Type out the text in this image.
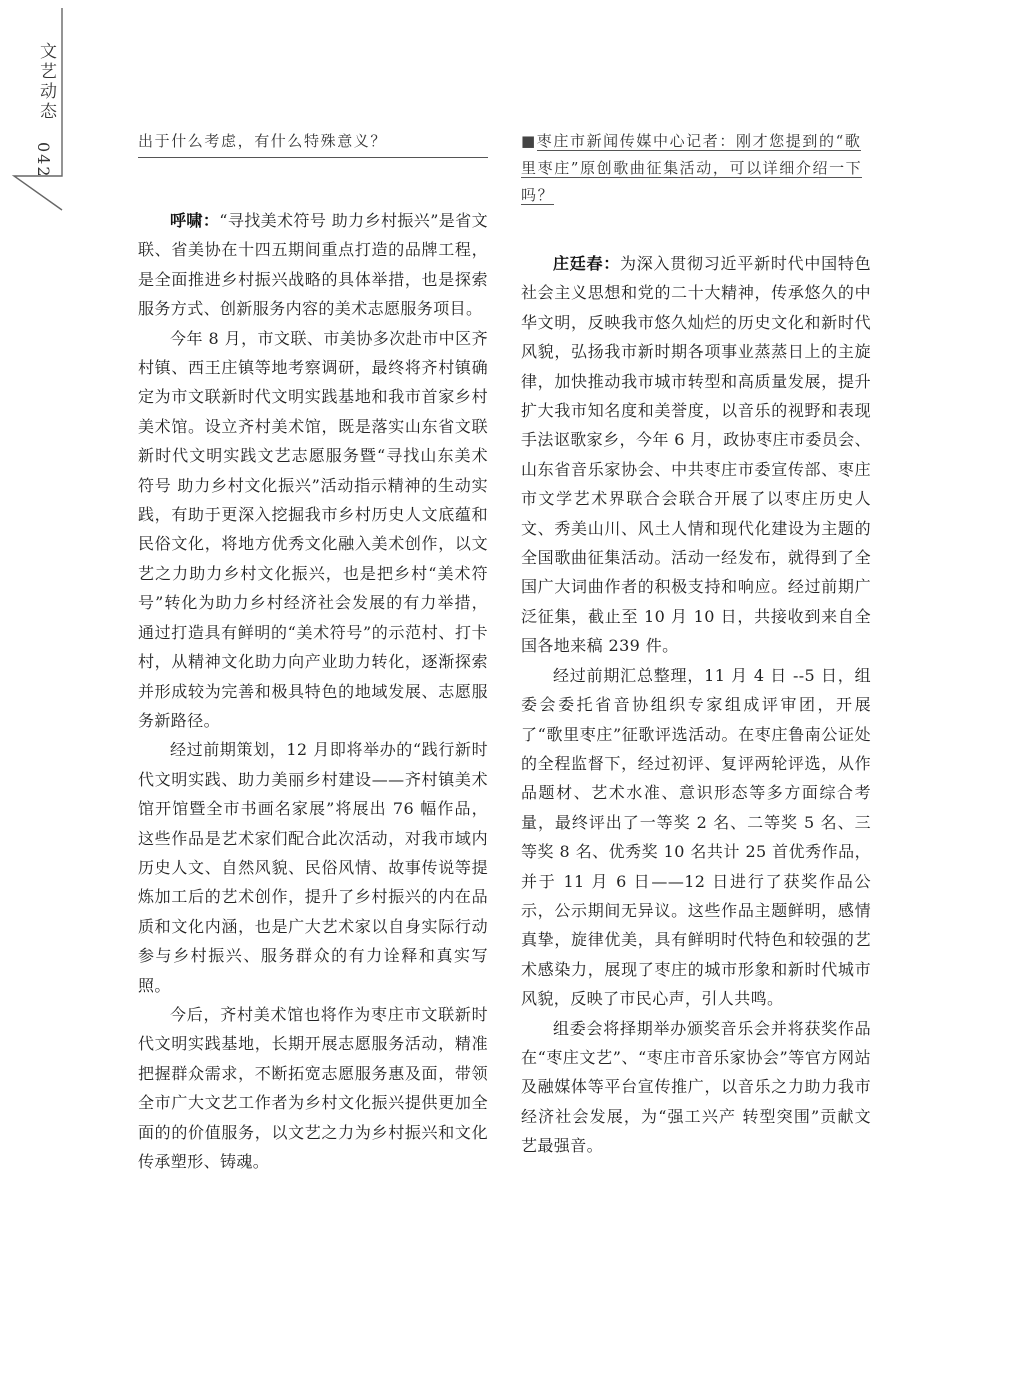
文艺动态
042

出于什么考虑，有什么特殊意义？

呼啸：“寻找美术符号 助力乡村振兴”是省文联、省美协在十四五期间重点打造的品牌工程，是全面推进乡村振兴战略的具体举措，也是探索服务方式、创新服务内容的美术志愿服务项目。

今年 8 月，市文联、市美协多次赴市中区齐村镇、西王庄镇等地考察调研，最终将齐村镇确定为市文联新时代文明实践基地和我市首家乡村美术馆。设立齐村美术馆，既是落实山东省文联新时代文明实践文艺志愿服务暨“寻找山东美术符号 助力乡村文化振兴”活动指示精神的生动实践，有助于更深入挖掘我市乡村历史人文底蕴和民俗文化，将地方优秀文化融入美术创作，以文艺之力助力乡村文化振兴，也是把乡村“美术符号”转化为助力乡村经济社会发展的有力举措，通过打造具有鲜明的“美术符号”的示范村、打卡村，从精神文化助力向产业助力转化，逐渐探索并形成较为完善和极具特色的地域发展、志愿服务新路径。

经过前期策划，12 月即将举办的“践行新时代文明实践、助力美丽乡村建设——齐村镇美术馆开馆暨全市书画名家展”将展出 76 幅作品，这些作品是艺术家们配合此次活动，对我市域内历史人文、自然风貌、民俗风情、故事传说等提炼加工后的艺术创作，提升了乡村振兴的内在品质和文化内涵，也是广大艺术家以自身实际行动参与乡村振兴、服务群众的有力诠释和真实写照。

今后，齐村美术馆也将作为枣庄市文联新时代文明实践基地，长期开展志愿服务活动，精准把握群众需求，不断拓宽志愿服务惠及面，带领全市广大文艺工作者为乡村文化振兴提供更加全面的的价值服务，以文艺之力为乡村振兴和文化传承塑形、铸魂。

■枣庄市新闻传媒中心记者：刚才您提到的“歌里枣庄”原创歌曲征集活动，可以详细介绍一下吗？

庄廷春：为深入贯彻习近平新时代中国特色社会主义思想和党的二十大精神，传承悠久的中华文明，反映我市悠久灿烂的历史文化和新时代风貌，弘扬我市新时期各项事业蒸蒸日上的主旋律，加快推动我市城市转型和高质量发展，提升扩大我市知名度和美誉度，以音乐的视野和表现手法讴歌家乡，今年 6 月，政协枣庄市委员会、山东省音乐家协会、中共枣庄市委宣传部、枣庄市文学艺术界联合会联合开展了以枣庄历史人文、秀美山川、风土人情和现代化建设为主题的全国歌曲征集活动。活动一经发布，就得到了全国广大词曲作者的积极支持和响应。经过前期广泛征集，截止至 10 月 10 日，共接收到来自全国各地来稿 239 件。

经过前期汇总整理，11 月 4 日 --5 日，组委会委托省音协组织专家组成评审团，开展了“歌里枣庄”征歌评选活动。在枣庄鲁南公证处的全程监督下，经过初评、复评两轮评选，从作品题材、艺术水准、意识形态等多方面综合考量，最终评出了一等奖 2 名、二等奖 5 名、三等奖 8 名、优秀奖 10 名共计 25 首优秀作品，并于 11 月 6 日——12 日进行了获奖作品公示，公示期间无异议。这些作品主题鲜明，感情真挚，旋律优美，具有鲜明时代特色和较强的艺术感染力，展现了枣庄的城市形象和新时代城市风貌，反映了市民心声，引人共鸣。

组委会将择期举办颁奖音乐会并将获奖作品在“枣庄文艺”、“枣庄市音乐家协会”等官方网站及融媒体等平台宣传推广，以音乐之力助力我市经济社会发展，为“强工兴产 转型突围”贡献文艺最强音。
